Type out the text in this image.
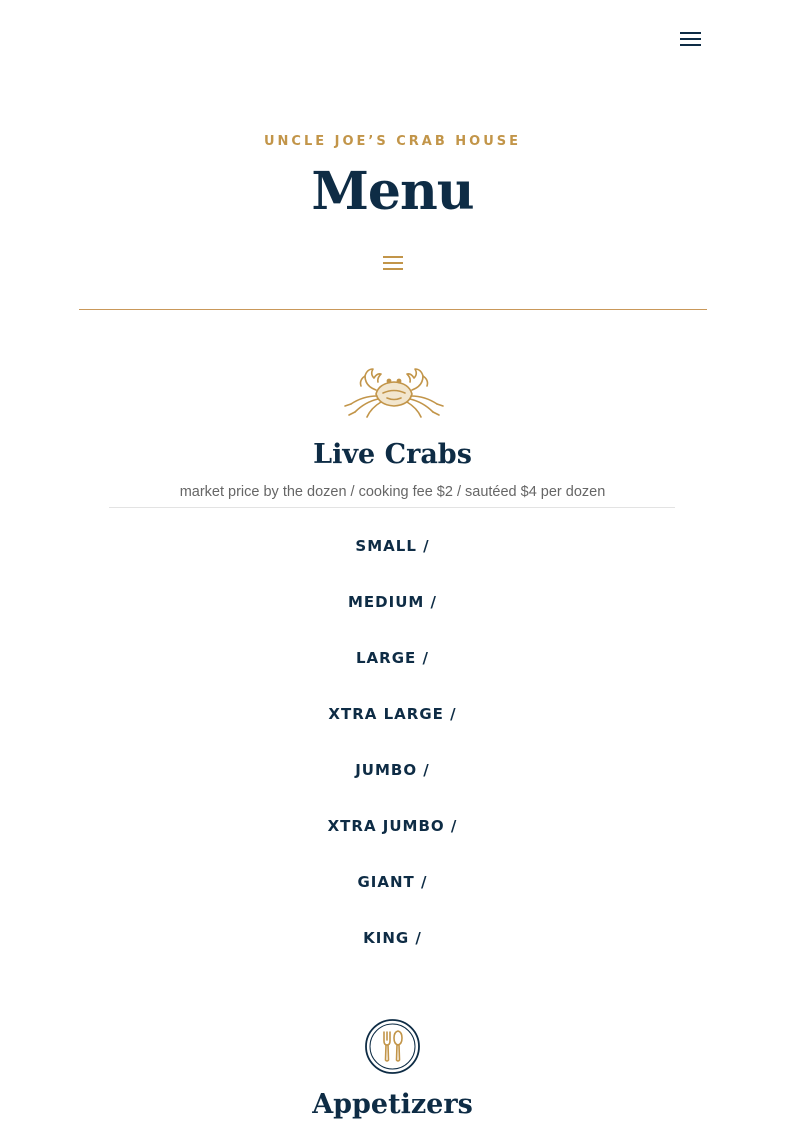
UNCLE JOE’S CRAB HOUSE
Menu
Live Crabs
market price by the dozen / cooking fee $2 / sautéed $4 per dozen
SMALL /
MEDIUM /
LARGE /
XTRA LARGE /
JUMBO /
XTRA JUMBO /
GIANT /
KING /
Appetizers
